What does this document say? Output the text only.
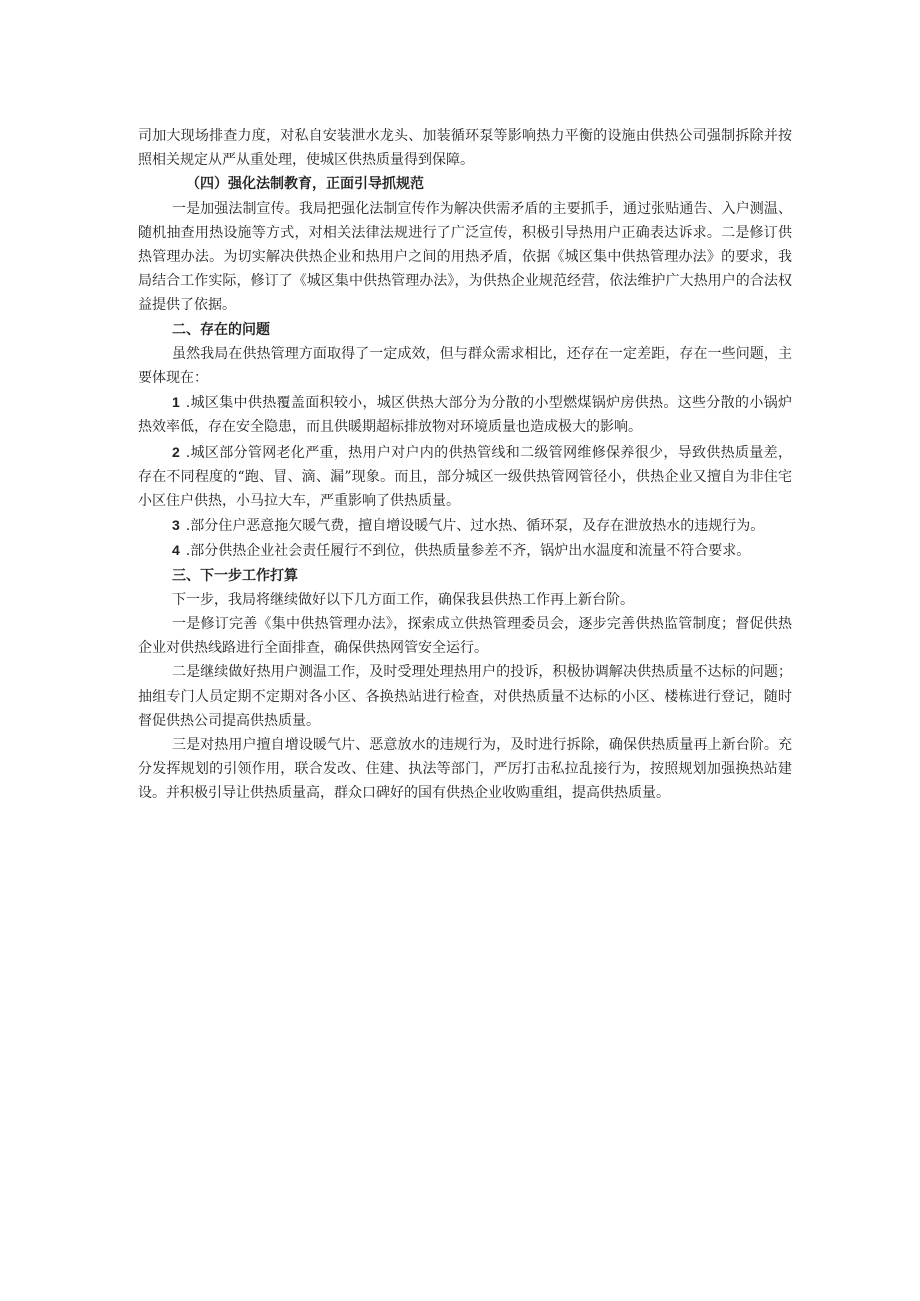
司加大现场排查力度，对私自安装泄水龙头、加装循环泵等影响热力平衡的设施由供热公司强制拆除并按照相关规定从严从重处理，使城区供热质量得到保障。

（四）强化法制教育，正面引导抓规范

一是加强法制宣传。我局把强化法制宣传作为解决供需矛盾的主要抓手，通过张贴通告、入户测温、随机抽查用热设施等方式，对相关法律法规进行了广泛宣传，积极引导热用户正确表达诉求。二是修订供热管理办法。为切实解决供热企业和热用户之间的用热矛盾，依据《城区集中供热管理办法》的要求，我局结合工作实际，修订了《城区集中供热管理办法》，为供热企业规范经营，依法维护广大热用户的合法权益提供了依据。

二、存在的问题

虽然我局在供热管理方面取得了一定成效，但与群众需求相比，还存在一定差距，存在一些问题，主要体现在：

1 .城区集中供热覆盖面积较小，城区供热大部分为分散的小型燃煤锅炉房供热。这些分散的小锅炉热效率低，存在安全隐患，而且供暖期超标排放物对环境质量也造成极大的影响。

2 .城区部分管网老化严重，热用户对户内的供热管线和二级管网维修保养很少，导致供热质量差，存在不同程度的“跑、冒、滴、漏”现象。而且，部分城区一级供热管网管径小，供热企业又擅自为非住宅小区住户供热，小马拉大车，严重影响了供热质量。

3 .部分住户恶意拖欠暖气费，擅自增设暖气片、过水热、循环泵，及存在泄放热水的违规行为。

4 .部分供热企业社会责任履行不到位，供热质量参差不齐，锅炉出水温度和流量不符合要求。

三、下一步工作打算

下一步，我局将继续做好以下几方面工作，确保我县供热工作再上新台阶。

一是修订完善《集中供热管理办法》，探索成立供热管理委员会，逐步完善供热监管制度；督促供热企业对供热线路进行全面排查，确保供热网管安全运行。

二是继续做好热用户测温工作，及时受理处理热用户的投诉，积极协调解决供热质量不达标的问题；抽组专门人员定期不定期对各小区、各换热站进行检查，对供热质量不达标的小区、楼栋进行登记，随时督促供热公司提高供热质量。

三是对热用户擅自增设暖气片、恶意放水的违规行为，及时进行拆除，确保供热质量再上新台阶。充分发挥规划的引领作用，联合发改、住建、执法等部门，严厉打击私拉乱接行为，按照规划加强换热站建设。并积极引导让供热质量高，群众口碑好的国有供热企业收购重组，提高供热质量。
